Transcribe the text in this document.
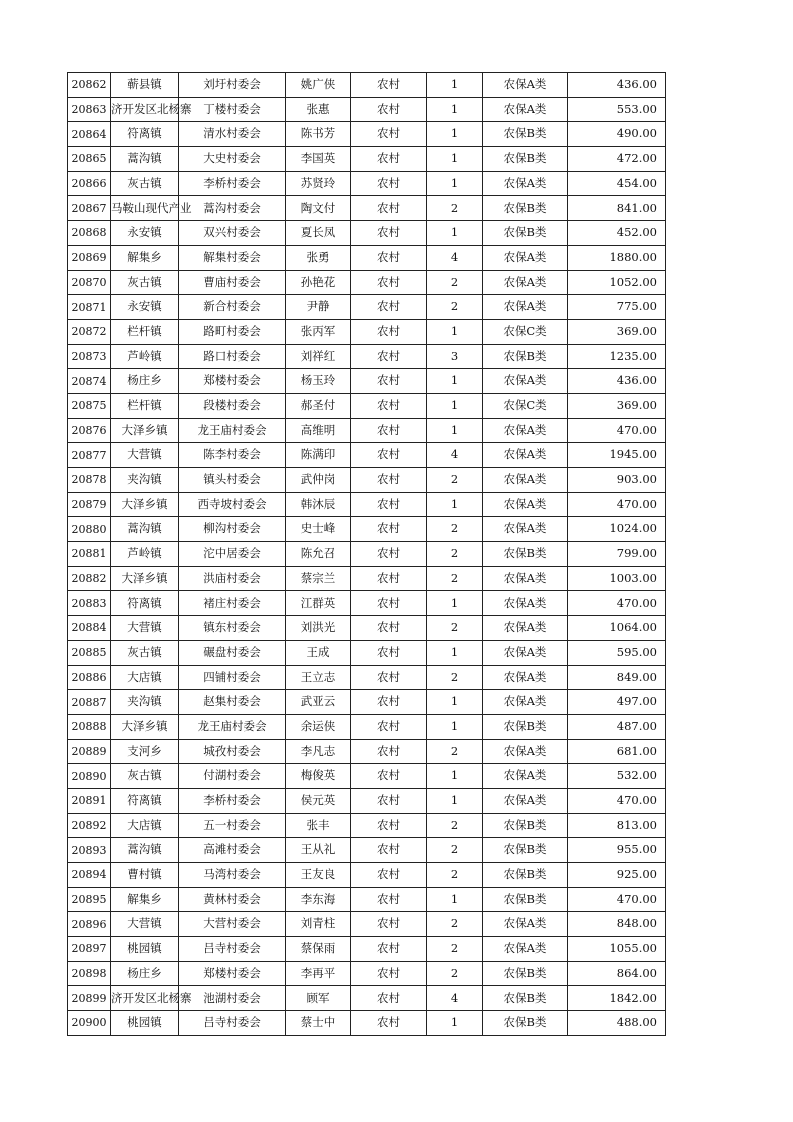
20862	蕲县镇	刘圩村委会	姚广侠	农村	1	农保A类	436.00
20863	济开发区北杨寨	丁楼村委会	张惠	农村	1	农保A类	553.00
20864	符离镇	清水村委会	陈书芳	农村	1	农保B类	490.00
20865	蒿沟镇	大史村委会	李国英	农村	1	农保B类	472.00
20866	灰古镇	李桥村委会	苏贤玲	农村	1	农保A类	454.00
20867	马鞍山现代产业	蒿沟村委会	陶文付	农村	2	农保B类	841.00
20868	永安镇	双兴村委会	夏长凤	农村	1	农保B类	452.00
20869	解集乡	解集村委会	张勇	农村	4	农保A类	1880.00
20870	灰古镇	曹庙村委会	孙艳花	农村	2	农保A类	1052.00
20871	永安镇	新合村委会	尹静	农村	2	农保A类	775.00
20872	栏杆镇	路町村委会	张丙军	农村	1	农保C类	369.00
20873	芦岭镇	路口村委会	刘祥红	农村	3	农保B类	1235.00
20874	杨庄乡	郑楼村委会	杨玉玲	农村	1	农保A类	436.00
20875	栏杆镇	段楼村委会	郝圣付	农村	1	农保C类	369.00
20876	大泽乡镇	龙王庙村委会	高维明	农村	1	农保A类	470.00
20877	大营镇	陈李村委会	陈满印	农村	4	农保A类	1945.00
20878	夹沟镇	镇头村委会	武仲岗	农村	2	农保A类	903.00
20879	大泽乡镇	西寺坡村委会	韩沐辰	农村	1	农保A类	470.00
20880	蒿沟镇	柳沟村委会	史士峰	农村	2	农保A类	1024.00
20881	芦岭镇	沱中居委会	陈允召	农村	2	农保B类	799.00
20882	大泽乡镇	洪庙村委会	蔡宗兰	农村	2	农保A类	1003.00
20883	符离镇	褚庄村委会	江群英	农村	1	农保A类	470.00
20884	大营镇	镇东村委会	刘洪光	农村	2	农保A类	1064.00
20885	灰古镇	碾盘村委会	王成	农村	1	农保A类	595.00
20886	大店镇	四铺村委会	王立志	农村	2	农保A类	849.00
20887	夹沟镇	赵集村委会	武亚云	农村	1	农保A类	497.00
20888	大泽乡镇	龙王庙村委会	余运侠	农村	1	农保B类	487.00
20889	支河乡	城孜村委会	李凡志	农村	2	农保A类	681.00
20890	灰古镇	付湖村委会	梅俊英	农村	1	农保A类	532.00
20891	符离镇	李桥村委会	侯元英	农村	1	农保A类	470.00
20892	大店镇	五一村委会	张丰	农村	2	农保B类	813.00
20893	蒿沟镇	高滩村委会	王从礼	农村	2	农保B类	955.00
20894	曹村镇	马湾村委会	王友良	农村	2	农保B类	925.00
20895	解集乡	黄林村委会	李东海	农村	1	农保B类	470.00
20896	大营镇	大营村委会	刘青柱	农村	2	农保A类	848.00
20897	桃园镇	吕寺村委会	蔡保雨	农村	2	农保A类	1055.00
20898	杨庄乡	郑楼村委会	李再平	农村	2	农保B类	864.00
20899	济开发区北杨寨	池湖村委会	顾军	农村	4	农保B类	1842.00
20900	桃园镇	吕寺村委会	蔡士中	农村	1	农保B类	488.00
